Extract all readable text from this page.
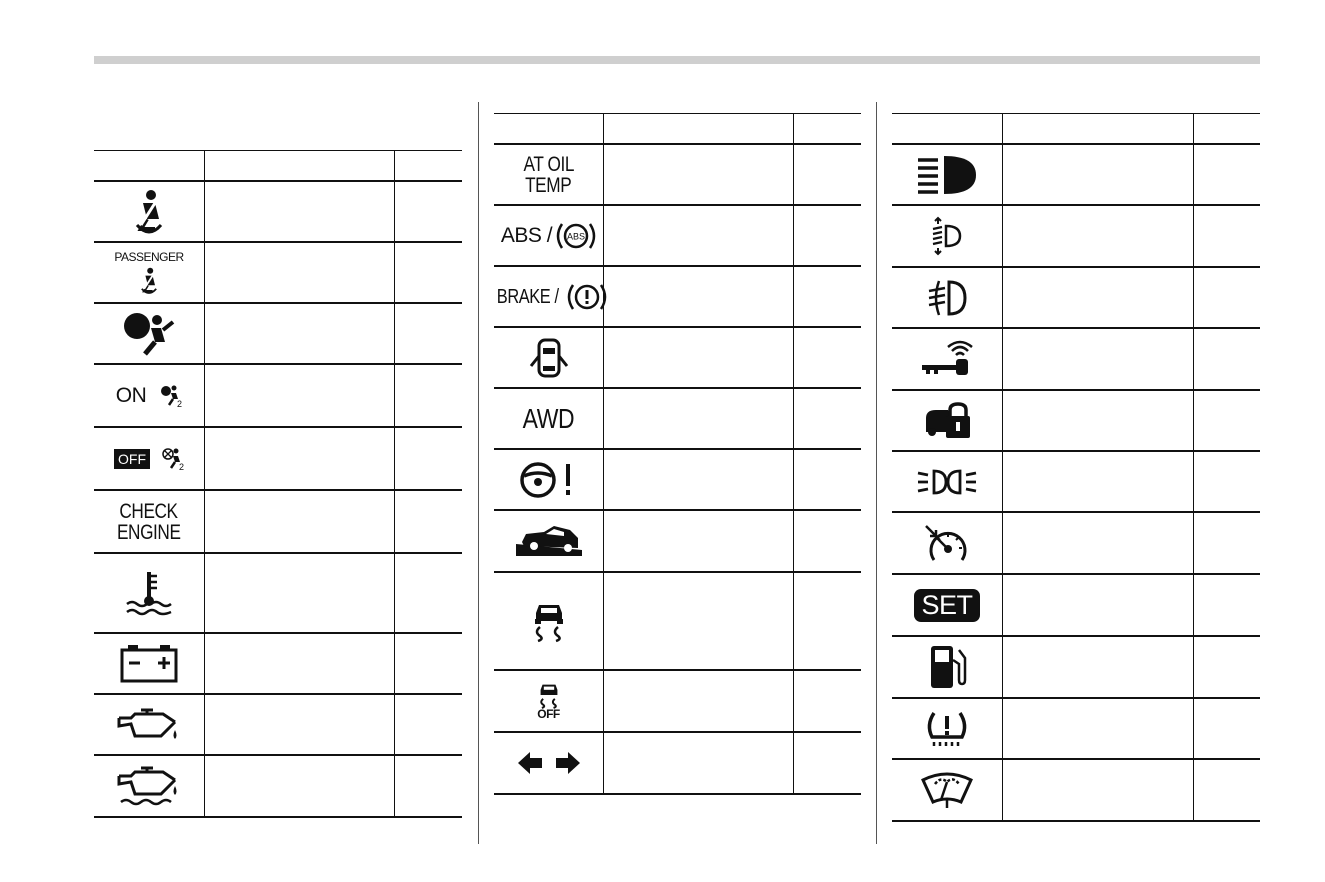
PASSENGER
ON	2
OFF	2
CHECK
ENGINE
AT OIL
TEMP
ABS / ABS
BRAKE /
AWD
OFF
SET
